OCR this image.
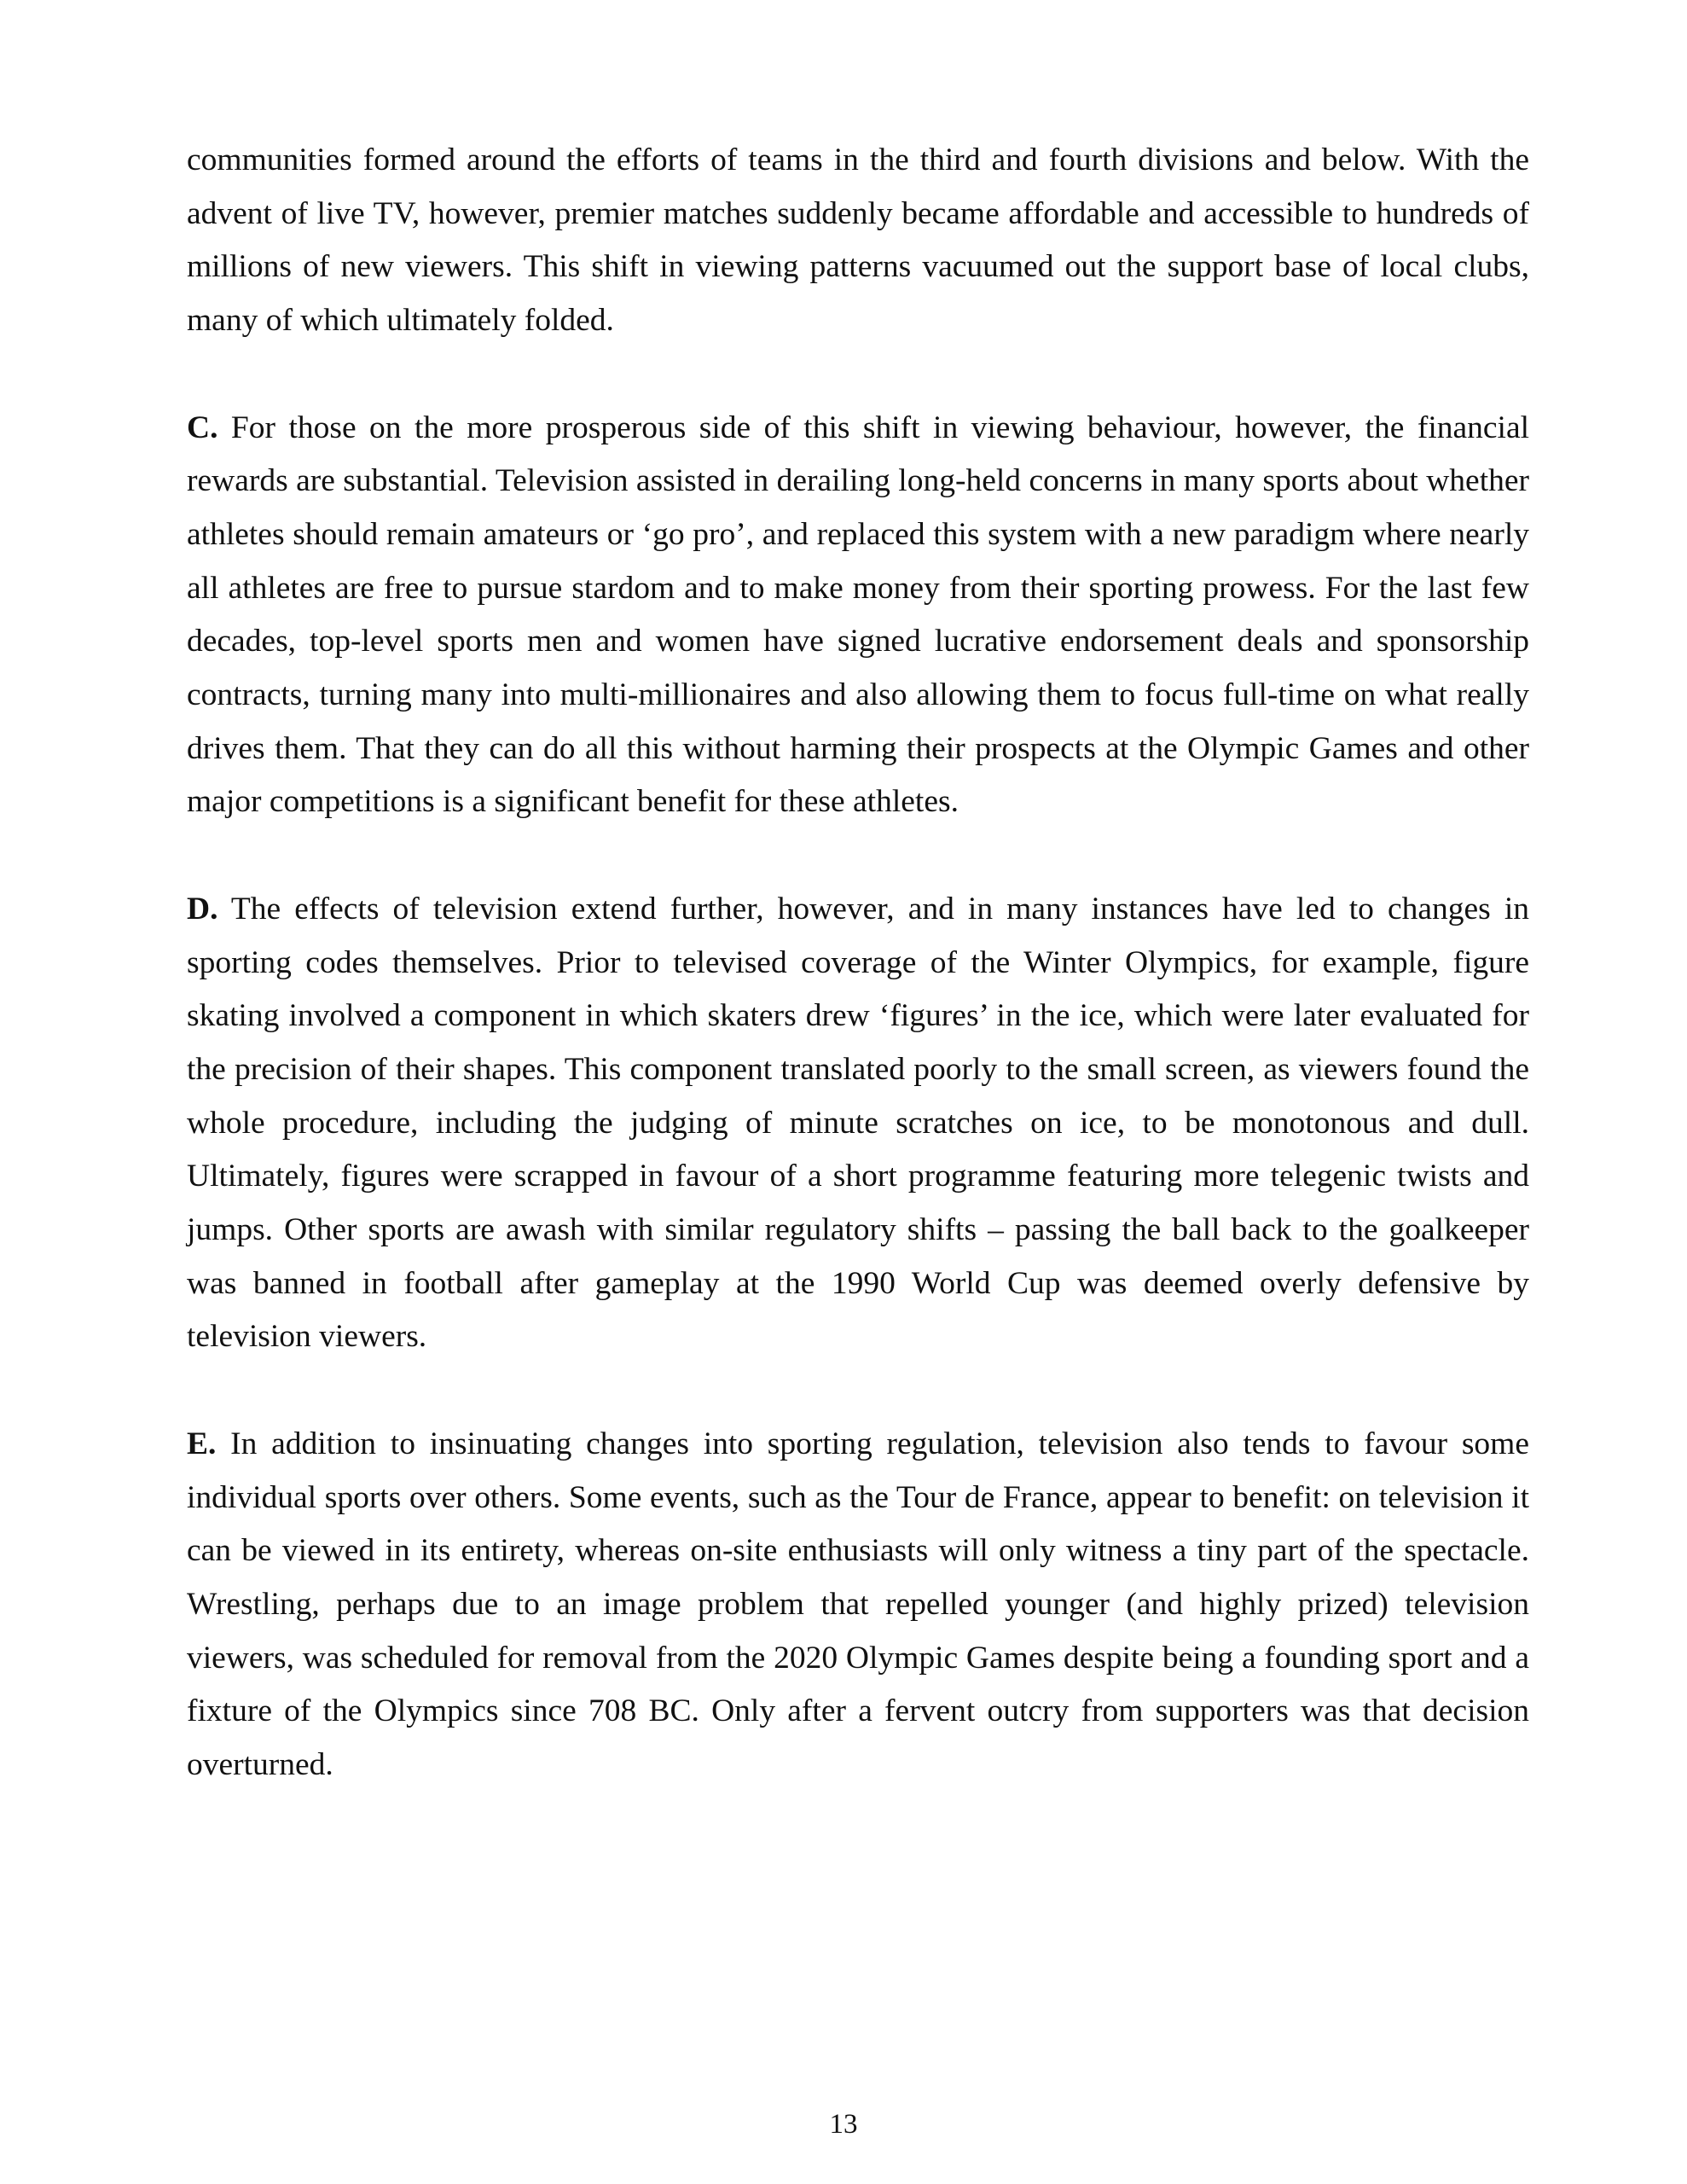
communities formed around the efforts of teams in the third and fourth divisions and below. With the advent of live TV, however, premier matches suddenly became affordable and accessible to hundreds of millions of new viewers. This shift in viewing patterns vacuumed out the support base of local clubs, many of which ultimately folded.

C. For those on the more prosperous side of this shift in viewing behaviour, however, the financial rewards are substantial. Television assisted in derailing long-held concerns in many sports about whether athletes should remain amateurs or ‘go pro’, and replaced this system with a new paradigm where nearly all athletes are free to pursue stardom and to make money from their sporting prowess. For the last few decades, top-level sports men and women have signed lucrative endorsement deals and sponsorship contracts, turning many into multi-millionaires and also allowing them to focus full-time on what really drives them. That they can do all this without harming their prospects at the Olympic Games and other major competitions is a significant benefit for these athletes.

D. The effects of television extend further, however, and in many instances have led to changes in sporting codes themselves. Prior to televised coverage of the Winter Olympics, for example, figure skating involved a component in which skaters drew ‘figures’ in the ice, which were later evaluated for the precision of their shapes. This component translated poorly to the small screen, as viewers found the whole procedure, including the judging of minute scratches on ice, to be monotonous and dull. Ultimately, figures were scrapped in favour of a short programme featuring more telegenic twists and jumps. Other sports are awash with similar regulatory shifts – passing the ball back to the goalkeeper was banned in football after gameplay at the 1990 World Cup was deemed overly defensive by television viewers.

E. In addition to insinuating changes into sporting regulation, television also tends to favour some individual sports over others. Some events, such as the Tour de France, appear to benefit: on television it can be viewed in its entirety, whereas on-site enthusiasts will only witness a tiny part of the spectacle. Wrestling, perhaps due to an image problem that repelled younger (and highly prized) television viewers, was scheduled for removal from the 2020 Olympic Games despite being a founding sport and a fixture of the Olympics since 708 BC. Only after a fervent outcry from supporters was that decision overturned.

13
